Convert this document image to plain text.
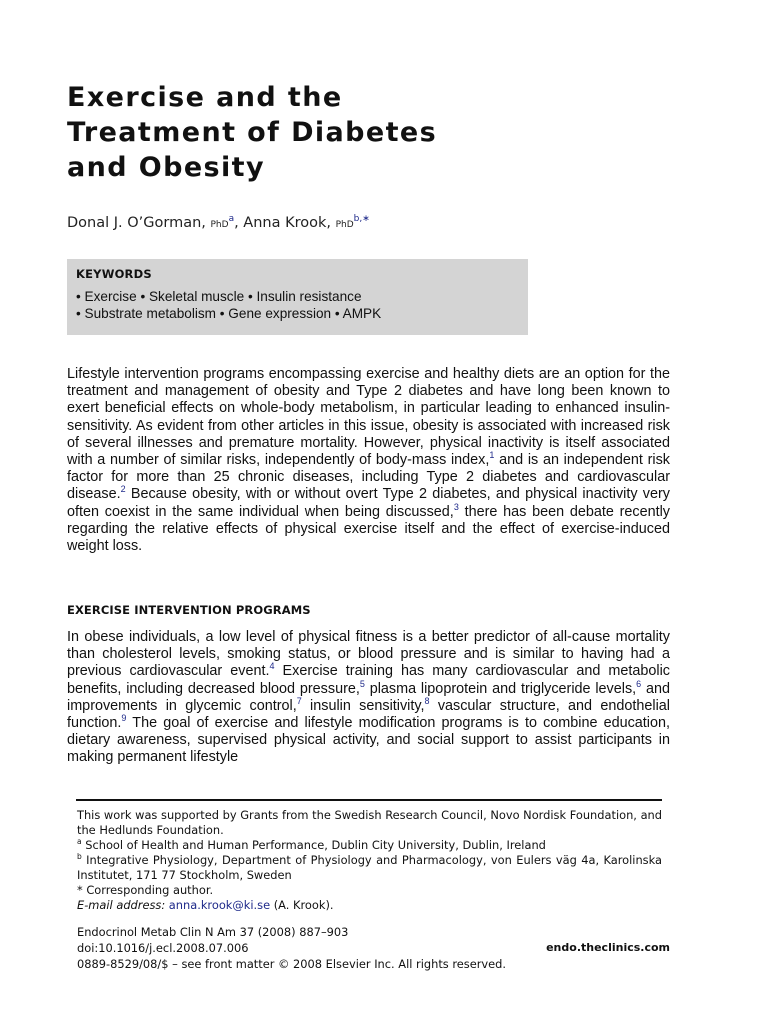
Exercise and the
Treatment of Diabetes
and Obesity
Donal J. O’Gorman, PhD$^a$, Anna Krook, PhD$^{b,∗}$
KEYWORDS
• Exercise • Skeletal muscle • Insulin resistance
• Substrate metabolism • Gene expression • AMPK

Lifestyle intervention programs encompassing exercise and healthy diets are an option for the treatment and management of obesity and Type 2 diabetes and have long been known to exert beneficial effects on whole-body metabolism, in particular leading to enhanced insulin-sensitivity. As evident from other articles in this issue, obesity is associated with increased risk of several illnesses and premature mortality. However, physical inactivity is itself associated with a number of similar risks, independently of body-mass index,$^1$ and is an independent risk factor for more than 25 chronic diseases, including Type 2 diabetes and cardiovascular disease.$^2$ Because obesity, with or without overt Type 2 diabetes, and physical inactivity very often coexist in the same individual when being discussed,$^3$ there has been debate recently regarding the relative effects of physical exercise itself and the effect of exercise-induced weight loss.

EXERCISE INTERVENTION PROGRAMS

In obese individuals, a low level of physical fitness is a better predictor of all-cause mortality than cholesterol levels, smoking status, or blood pressure and is similar to having had a previous cardiovascular event.$^4$ Exercise training has many cardiovascular and metabolic benefits, including decreased blood pressure,$^5$ plasma lipoprotein and triglyceride levels,$^6$ and improvements in glycemic control,$^7$ insulin sensitivity,$^8$ vascular structure, and endothelial function.$^9$ The goal of exercise and lifestyle modification programs is to combine education, dietary awareness, supervised physical activity, and social support to assist participants in making permanent lifestyle

This work was supported by Grants from the Swedish Research Council, Novo Nordisk Foundation, and the Hedlunds Foundation.

$^a$ School of Health and Human Performance, Dublin City University, Dublin, Ireland

$^b$ Integrative Physiology, Department of Physiology and Pharmacology, von Eulers väg 4a, Karolinska Institutet, 171 77 Stockholm, Sweden

* Corresponding author.

E-mail address: anna.krook@ki.se (A. Krook).

Endocrinol Metab Clin N Am 37 (2008) 887–903
doi:10.1016/j.ecl.2008.07.006
0889-8529/08/$ – see front matter © 2008 Elsevier Inc. All rights reserved.
endo.theclinics.com
